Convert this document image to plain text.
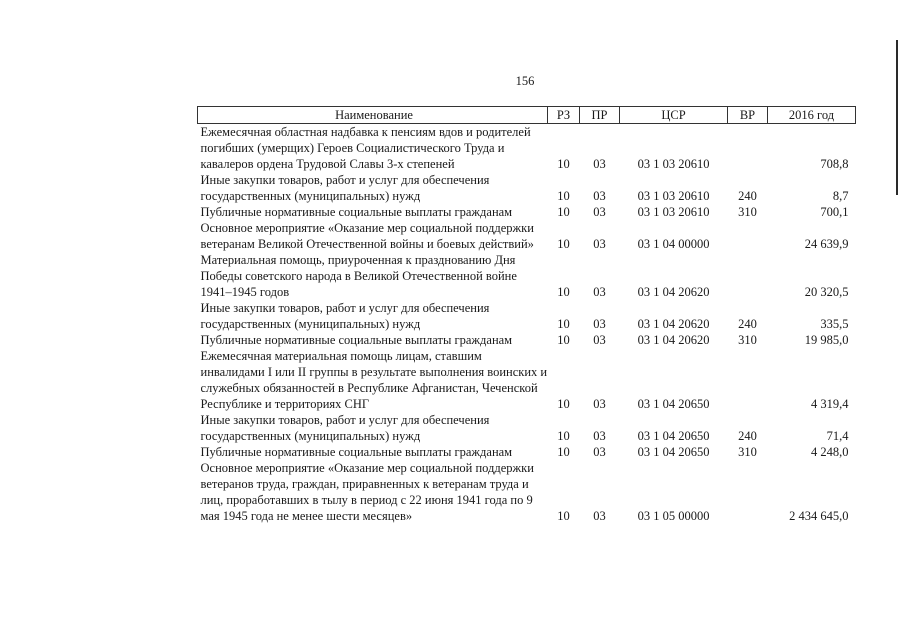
156
Наименование	РЗ	ПР	ЦСР	ВР	2016 год
Ежемесячная областная надбавка к пенсиям вдов и родителей погибших (умерщих) Героев Социалистического Труда и кавалеров ордена Трудовой Славы 3-х степеней	10	03	03 1 03 20610		708,8
Иные закупки товаров, работ и услуг для обеспечения государственных (муниципальных) нужд	10	03	03 1 03 20610	240	8,7
Публичные нормативные социальные выплаты гражданам	10	03	03 1 03 20610	310	700,1
Основное мероприятие «Оказание мер социальной поддержки ветеранам Великой Отечественной войны и боевых действий»	10	03	03 1 04 00000		24 639,9
Материальная помощь, приуроченная к празднованию Дня Победы советского народа в Великой Отечественной войне 1941–1945 годов	10	03	03 1 04 20620		20 320,5
Иные закупки товаров, работ и услуг для обеспечения государственных (муниципальных) нужд	10	03	03 1 04 20620	240	335,5
Публичные нормативные социальные выплаты гражданам	10	03	03 1 04 20620	310	19 985,0
Ежемесячная материальная помощь лицам, ставшим инвалидами I или II группы в результате выполнения воинских и служебных обязанностей в Республике Афганистан, Чеченской Республике и территориях СНГ	10	03	03 1 04 20650		4 319,4
Иные закупки товаров, работ и услуг для обеспечения государственных (муниципальных) нужд	10	03	03 1 04 20650	240	71,4
Публичные нормативные социальные выплаты гражданам	10	03	03 1 04 20650	310	4 248,0
Основное мероприятие «Оказание мер социальной поддержки ветеранов труда, граждан, приравненных к ветеранам труда и лиц, проработавших в тылу в период с 22 июня 1941 года по 9 мая 1945 года не менее шести месяцев»	10	03	03 1 05 00000		2 434 645,0
